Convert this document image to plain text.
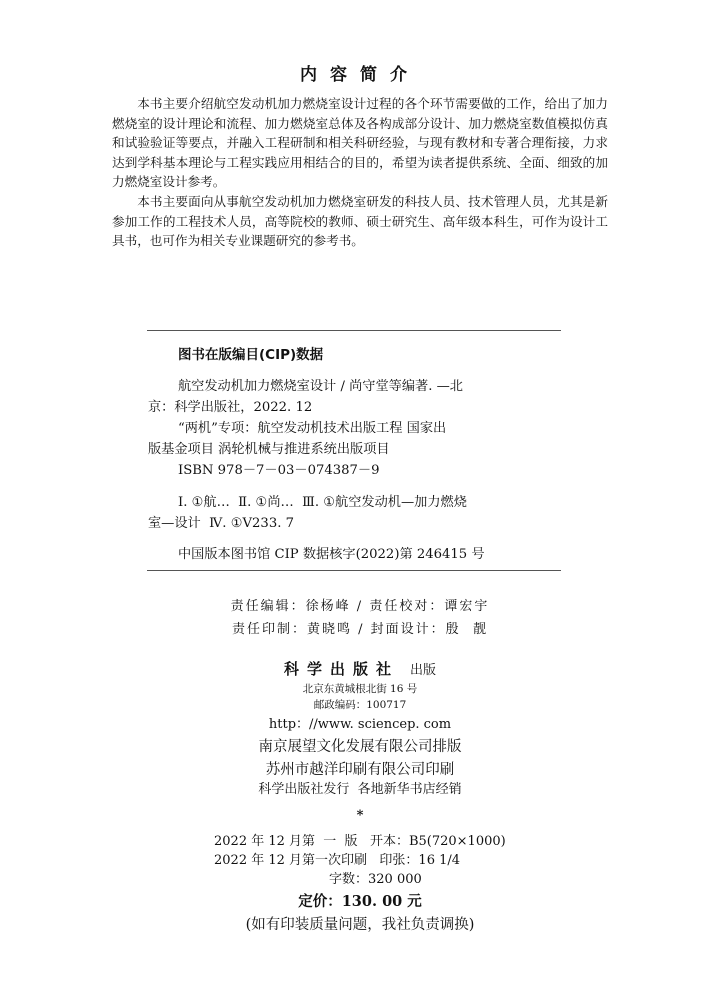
内容简介

本书主要介绍航空发动机加力燃烧室设计过程的各个环节需要做的工作，给出了加力燃烧室的设计理论和流程、加力燃烧室总体及各构成部分设计、加力燃烧室数值模拟仿真和试验验证等要点，并融入工程研制和相关科研经验，与现有教材和专著合理衔接，力求达到学科基本理论与工程实践应用相结合的目的，希望为读者提供系统、全面、细致的加力燃烧室设计参考。

本书主要面向从事航空发动机加力燃烧室研发的科技人员、技术管理人员，尤其是新参加工作的工程技术人员，高等院校的教师、硕士研究生、高年级本科生，可作为设计工具书，也可作为相关专业课题研究的参考书。

图书在版编目(CIP)数据
航空发动机加力燃烧室设计 / 尚守堂等编著. —北
京：科学出版社，2022. 12
“两机”专项：航空发动机技术出版工程 国家出
版基金项目 涡轮机械与推进系统出版项目
ISBN 978－7－03－074387－9
Ⅰ. ①航…  Ⅱ. ①尚…  Ⅲ. ①航空发动机—加力燃烧
室—设计  Ⅳ. ①V233. 7
中国版本图书馆 CIP 数据核字(2022)第 246415 号
责任编辑：徐杨峰 / 责任校对：谭宏宇
责任印制：黄晓鸣 / 封面设计：殷  靓
科学出版社 出版
北京东黄城根北街 16 号
邮政编码：100717
http：//www. sciencep. com
南京展望文化发展有限公司排版
苏州市越洋印刷有限公司印刷
科学出版社发行  各地新华书店经销
*
2022 年 12 月第  一  版   开本：B5(720×1000)
2022 年 12 月第一次印刷   印张：16 1/4
字数：320 000
定价：130. 00 元
(如有印装质量问题，我社负责调换)
